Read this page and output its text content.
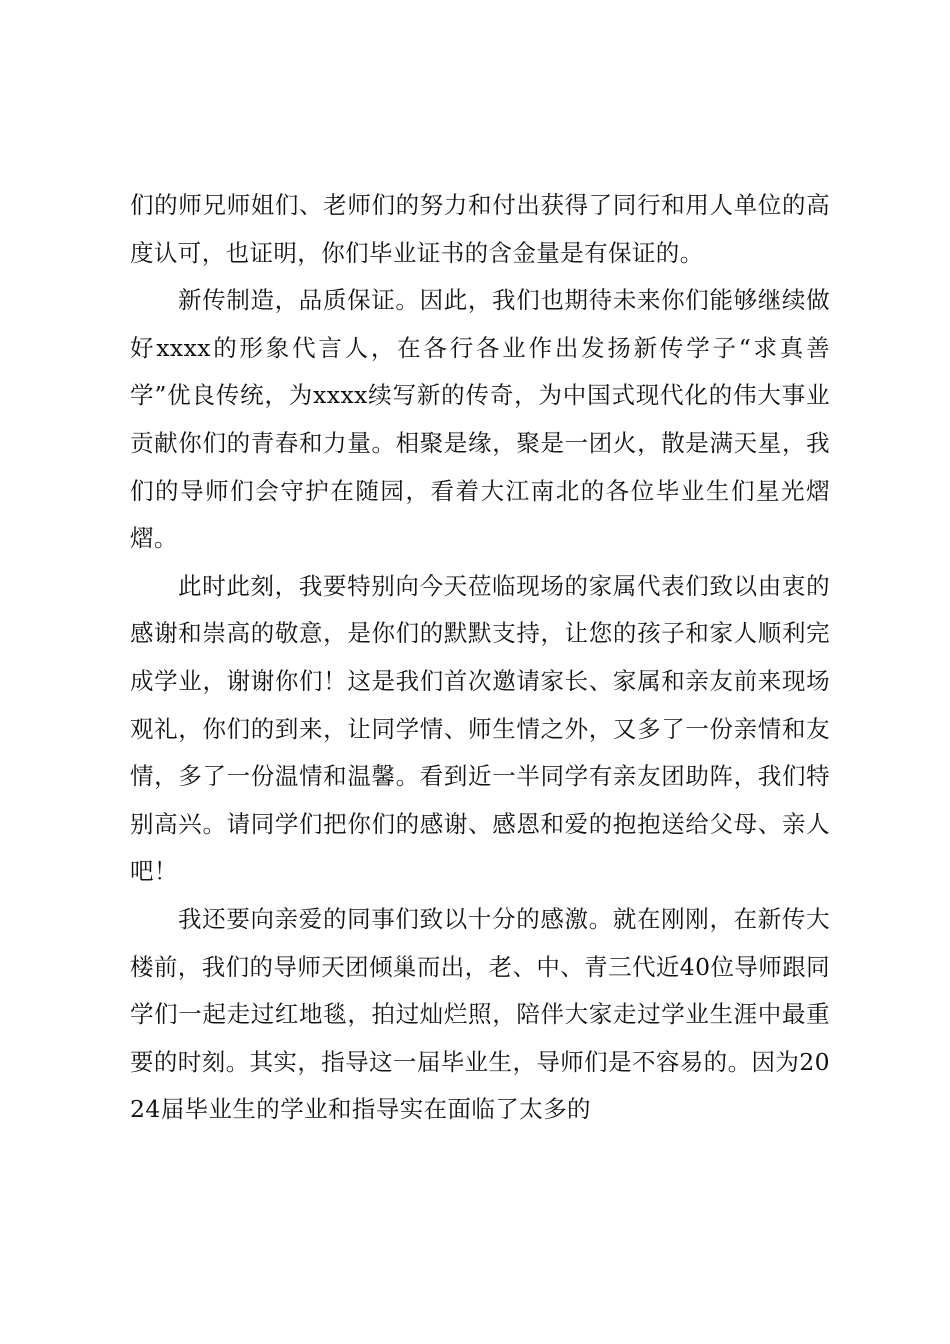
们的师兄师姐们、老师们的努力和付出获得了同行和用人单位的高度认可，也证明，你们毕业证书的含金量是有保证的。

新传制造，品质保证。因此，我们也期待未来你们能够继续做好xxxx的形象代言人，在各行各业作出发扬新传学子“求真善学”优良传统，为xxxx续写新的传奇，为中国式现代化的伟大事业贡献你们的青春和力量。相聚是缘，聚是一团火，散是满天星，我们的导师们会守护在随园，看着大江南北的各位毕业生们星光熠熠。

此时此刻，我要特别向今天莅临现场的家属代表们致以由衷的感谢和崇高的敬意，是你们的默默支持，让您的孩子和家人顺利完成学业，谢谢你们！这是我们首次邀请家长、家属和亲友前来现场观礼，你们的到来，让同学情、师生情之外，又多了一份亲情和友情，多了一份温情和温馨。看到近一半同学有亲友团助阵，我们特别高兴。请同学们把你们的感谢、感恩和爱的抱抱送给父母、亲人吧！

我还要向亲爱的同事们致以十分的感激。就在刚刚，在新传大楼前，我们的导师天团倾巢而出，老、中、青三代近40位导师跟同学们一起走过红地毯，拍过灿烂照，陪伴大家走过学业生涯中最重要的时刻。其实，指导这一届毕业生，导师们是不容易的。因为2024届毕业生的学业和指导实在面临了太多的
